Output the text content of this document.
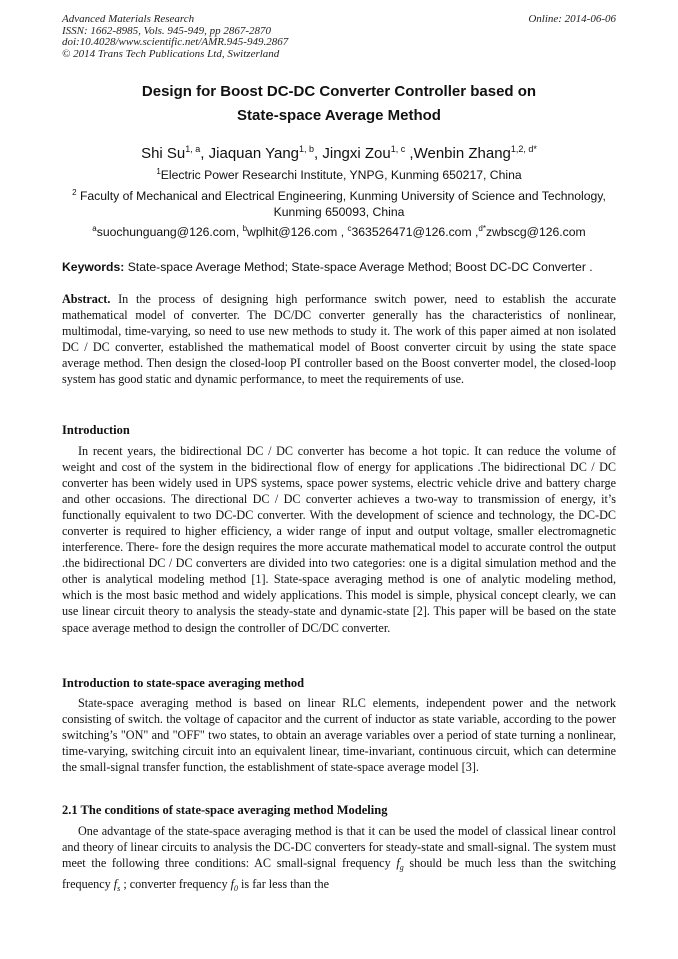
Advanced Materials Research
ISSN: 1662-8985, Vols. 945-949, pp 2867-2870
doi:10.4028/www.scientific.net/AMR.945-949.2867
© 2014 Trans Tech Publications Ltd, Switzerland
Online: 2014-06-06
Design for Boost DC-DC Converter Controller based on
State-space Average Method
Shi Su$^{1, a}$, Jiaquan Yang$^{1, b}$, Jingxi Zou$^{1, c}$ ,Wenbin Zhang$^{1,2, d*}$
$^1$Electric Power Researchi Institute, YNPG, Kunming 650217, China
$^2$ Faculty of Mechanical and Electrical Engineering, Kunming University of Science and Technology,
Kunming 650093, China
$^a$suochunguang@126.com, $^b$wplhit@126.com , $^c$363526471@126.com ,$^{d*}$zwbscg@126.com
Keywords: State-space Average Method; State-space Average Method; Boost DC-DC Converter .

Abstract. In the process of designing high performance switch power, need to establish the accurate mathematical model of converter. The DC/DC converter generally has the characteristics of nonlinear, multimodal, time-varying, so need to use new methods to study it. The work of this paper aimed at non isolated DC / DC converter, established the mathematical model of Boost converter circuit by using the state space average method. Then design the closed-loop PI controller based on the Boost converter model, the closed-loop system has good static and dynamic performance, to meet the requirements of use.

Introduction

In recent years, the bidirectional DC / DC converter has become a hot topic. It can reduce the volume of weight and cost of the system in the bidirectional flow of energy for applications .The bidirectional DC / DC converter has been widely used in UPS systems, space power systems, electric vehicle drive and battery charge and other occasions. The directional DC / DC converter achieves a two-way to transmission of energy, it’s functionally equivalent to two DC-DC converter. With the development of science and technology, the DC-DC converter is required to higher efficiency, a wider range of input and output voltage, smaller electromagnetic interference. There- fore the design requires the more accurate mathematical model to accurate control the output .the bidirectional DC / DC converters are divided into two categories: one is a digital simulation method and the other is analytical modeling method [1]. State-space averaging method is one of analytic modeling method, which is the most basic method and widely applications. This model is simple, physical concept clearly, we can use linear circuit theory to analysis the steady-state and dynamic-state [2]. This paper will be based on the state space average method to design the controller of DC/DC converter.

Introduction to state-space averaging method

State-space averaging method is based on linear RLC elements, independent power and the network consisting of switch. the voltage of capacitor and the current of inductor as state variable, according to the power switching’s "ON" and "OFF" two states, to obtain an average variables over a period of state turning a nonlinear, time-varying, switching circuit into an equivalent linear, time-invariant, continuous circuit, which can determine the small-signal transfer function, the establishment of state-space average model [3].

2.1 The conditions of state-space averaging method Modeling

One advantage of the state-space averaging method is that it can be used the model of classical linear control and theory of linear circuits to analysis the DC-DC converters for steady-state and small-signal. The system must meet the following three conditions: AC small-signal frequency $f_g$ should be much less than the switching frequency $f_s$ ; converter frequency $f_0$ is far less than the
